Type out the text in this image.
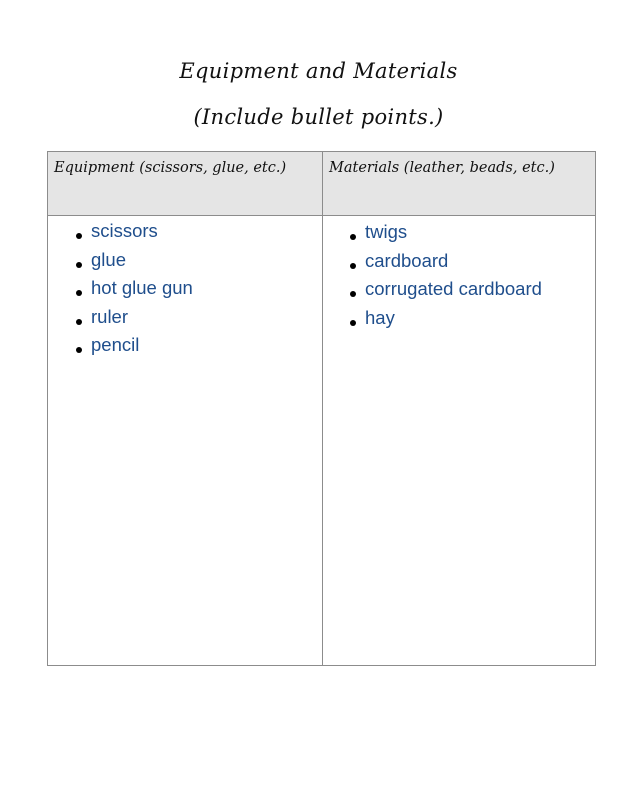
Equipment and Materials
(Include bullet points.)
Equipment (scissors, glue, etc.)	Materials (leather, beads, etc.)
scissors
glue
hot glue gun
ruler
pencil
twigs
cardboard
corrugated cardboard
hay
